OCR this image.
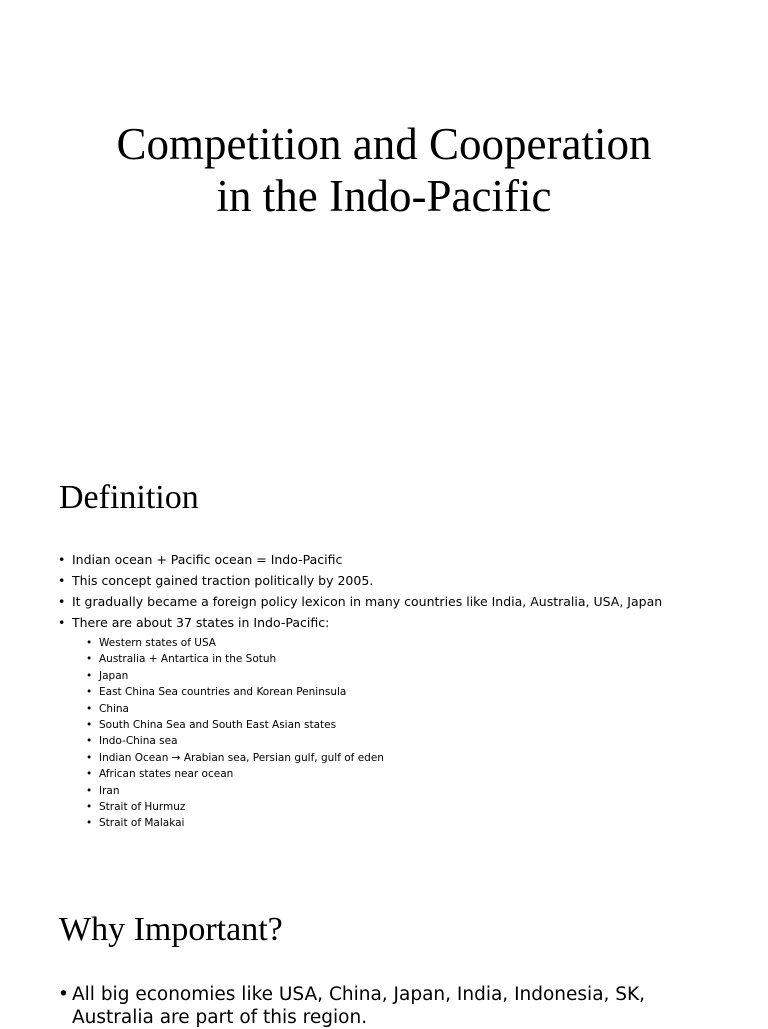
Competition and Cooperation
in the Indo-Pacific
Definition
• Indian ocean + Pacific ocean = Indo-Pacific
• This concept gained traction politically by 2005.
• It gradually became a foreign policy lexicon in many countries like India, Australia, USA, Japan
• There are about 37 states in Indo-Pacific:
• Western states of USA
• Australia + Antartica in the Sotuh
• Japan
• East China Sea countries and Korean Peninsula
• China
• South China Sea and South East Asian states
• Indo-China sea
• Indian Ocean → Arabian sea, Persian gulf, gulf of eden
• African states near ocean
• Iran
• Strait of Hurmuz
• Strait of Malakai
Why Important?
• All big economies like USA, China, Japan, India, Indonesia, SK, Australia are part of this region.
